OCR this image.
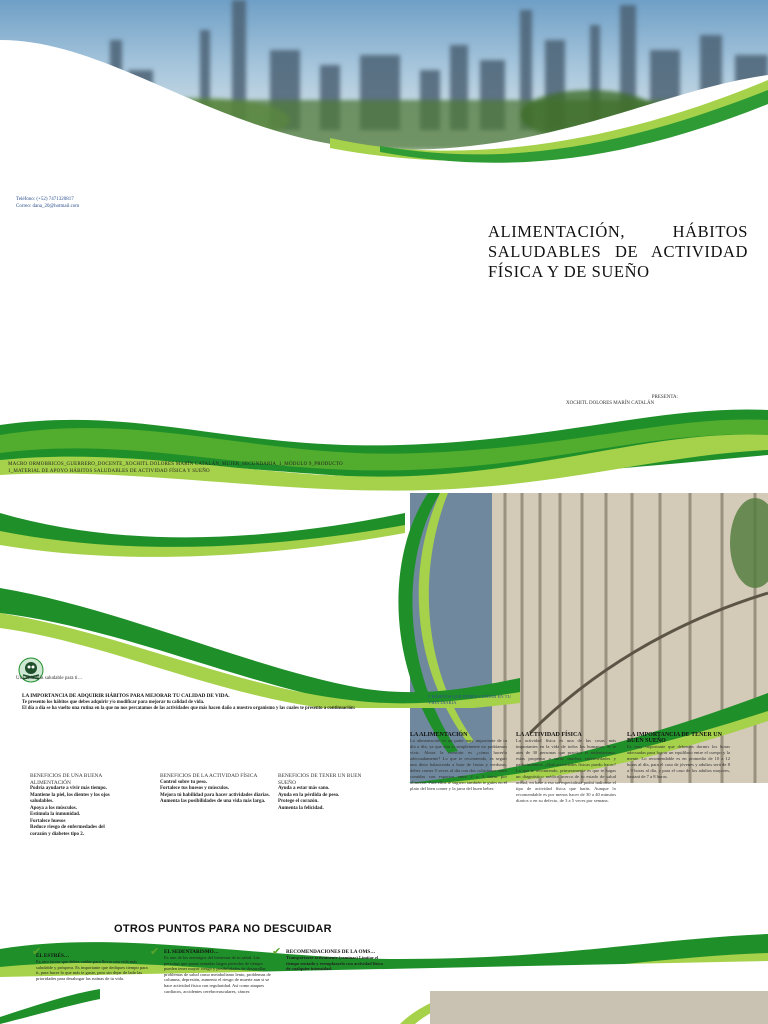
Teléfono: (+52) 7471320817
Correo: dana_20@hotmail.com
ALIMENTACIÓN, HÁBITOS SALUDABLES DE ACTIVIDAD FÍSICA Y DE SUEÑO
PRESENTA:
XOCHITL DOLORES MARÍN CATALÁN
MACRO ORMOBRICOS_GUERRERO_DOCENTE_XOCHITL DOLORES MARÍN CATALÁN_MUJER_SECUNDARIA_1_MÓDULO 9_PRODUCTO 1_MATERIAL DE APOYO HÁBITOS SALUDABLES DE ACTIVIDAD FÍSICA Y SUEÑO
Una vida más saludable para ti…
LA IMPORTANCIA DE ADQUIRIR HÁBITOS PARA MEJORAR TU CALIDAD DE VIDA.
Te presento los hábitos que debes adquirir y/o modificar para mejorar tu calidad de vida.
El día a día se ha vuelto una rutina en la que no nos percatamos de las actividades que más hacen daño a nuestro organismo y las cuales te presento a continuación:
5 HÁBITOS QUE DEBES CUIDAR EN TU VIDA DIARIA
BENEFICIOS DE UNA BUENA ALIMENTACIÓN
Podría ayudarte a vivir más tiempo.
Mantiene la piel, los dientes y los ojos saludables.
Apoya a los músculos.
Estimula la inmunidad.
Fortalece huesos
Reduce riesgo de enfermedades del corazón y diabetes tipo 2.
BENEFICIOS DE LA ACTIVIDAD FÍSICA
Control sobre tu peso.
Fortalece tus huesos y músculos.
Mejora tú habilidad para hacer actividades diarias.
Aumenta las posibilidades de una vida más larga.
BENEFICIOS DE TENER UN BUEN SUEÑO
Ayuda a estar más sano.
Ayuda en la pérdida de peso.
Protege el corazón.
Aumenta la felicidad.
LA ALIMENTACIÓN
La alimentación es un parte muy importante de tu día a día, ya que aún si simplemente no podríamos vivir. Ahora la cuestión es ¿cómo hacerlo adecuadamente? Lo que te recomiendo, es seguir una dieta balanceada a base de frutas y verduras, debes comer 5 veces al día con dos colaciones entre comidas con espacios entre 2 o 3 horas por alimento. Para ellos te sugiero también te guíes en el plato del bien comer y la jarra del buen beber.
LA ACTIVIDAD FÍSICA
La actividad física es una de las cosas más importantes en la vida de todos los humanos. Si te ates de 30 personas que practica el sedentarismo, estas propenso a sufrir muchas enfermedades y padecimientos. ¿Qué actividades físicas puedo hacer? Lo que te recomiendo, primeramente es que te hagas un diagnóstico médico acerca de tu estado de salud actual, en base a eso un especialista podrá indicarte el tipo de actividad física que harás. Aunque lo recomendable es por menos hacer de 30 a 40 minutos diarios o en su defecto, de 3 a 5 veces por semana.
LA IMPORTANCIA DE TENER UN BUEN SUEÑO
Es muy importante que debemos dormir los horas adecuadas para lograr un equilibrio entre el cuerpo y la mente. Lo recomendable es en promedio de 10 a 12 horas al día, para el caso de jóvenes y adultos será de 8 a 9 horas al día, y para el caso de los adultos mayores, bastará de 7 a 8 horas.
OTROS PUNTOS PARA NO DESCUIDAR
✔
EL ESTRÉS…
Es otro factor que debes cuidar para llevar una vida más saludable y próspera. Es importante que dediques tiempo para ti, para hacer lo que más te guste, pero sin dejar de lado las prioridades para desahogar las rutinas de tu vida.
✔ EL SEDENTARISMO…
Es uno de los enemigos del bienestar de tu salud. Las personas que pasan sentadas largos periodos de tiempo pueden tener mayor riesgo y posibilidades de desarrollar problemas de salud como metabolismo lento, problemas de columna, depresión, aumento el riesgo de muerte aun si se hace actividad física con regularidad. Así como ataques cardíacos, accidentes cerebrovasculares, cáncer.
✔ RECOMENDACIONES DE LA OMS…
Transportarse activamente (caminar) Limitar el tiempo sentado y reemplazarlo con actividad física de cualquier intensidad.
